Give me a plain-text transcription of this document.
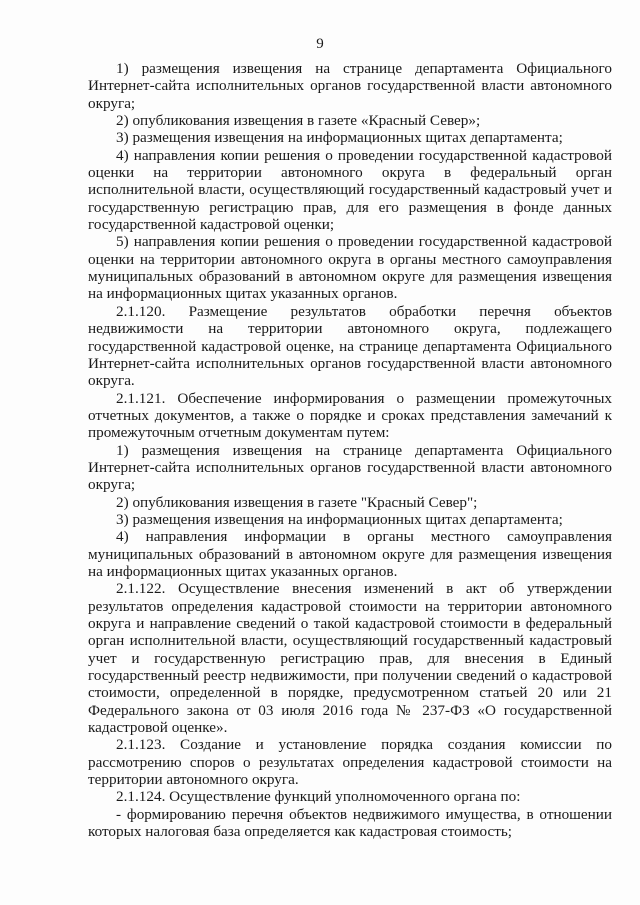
9

1) размещения извещения на странице департамента Официального Интернет-сайта исполнительных органов государственной власти автономного округа;

2) опубликования извещения в газете «Красный Север»;

3) размещения извещения на информационных щитах департамента;

4) направления копии решения о проведении государственной кадастровой оценки на территории автономного округа в федеральный орган исполнительной власти, осуществляющий государственный кадастровый учет и государственную регистрацию прав, для его размещения в фонде данных государственной кадастровой оценки;

5) направления копии решения о проведении государственной кадастровой оценки на территории автономного округа в органы местного самоуправления муниципальных образований в автономном округе для размещения извещения на информационных щитах указанных органов.

2.1.120. Размещение результатов обработки перечня объектов недвижимости на территории автономного округа, подлежащего государственной кадастровой оценке, на странице департамента Официального Интернет-сайта исполнительных органов государственной власти автономного округа.

2.1.121. Обеспечение информирования о размещении промежуточных отчетных документов, а также о порядке и сроках представления замечаний к промежуточным отчетным документам путем:

1) размещения извещения на странице департамента Официального Интернет-сайта исполнительных органов государственной власти автономного округа;

2) опубликования извещения в газете "Красный Север";

3) размещения извещения на информационных щитах департамента;

4) направления информации в органы местного самоуправления муниципальных образований в автономном округе для размещения извещения на информационных щитах указанных органов.

2.1.122. Осуществление внесения изменений в акт об утверждении результатов определения кадастровой стоимости на территории автономного округа и направление сведений о такой кадастровой стоимости в федеральный орган исполнительной власти, осуществляющий государственный кадастровый учет и государственную регистрацию прав, для внесения в Единый государственный реестр недвижимости, при получении сведений о кадастровой стоимости, определенной в порядке, предусмотренном статьей 20 или 21 Федерального закона от 03 июля 2016 года № 237-ФЗ «О государственной кадастровой оценке».

2.1.123. Создание и установление порядка создания комиссии по рассмотрению споров о результатах определения кадастровой стоимости на территории автономного округа.

2.1.124. Осуществление функций уполномоченного органа по:

- формированию перечня объектов недвижимого имущества, в отношении которых налоговая база определяется как кадастровая стоимость;
